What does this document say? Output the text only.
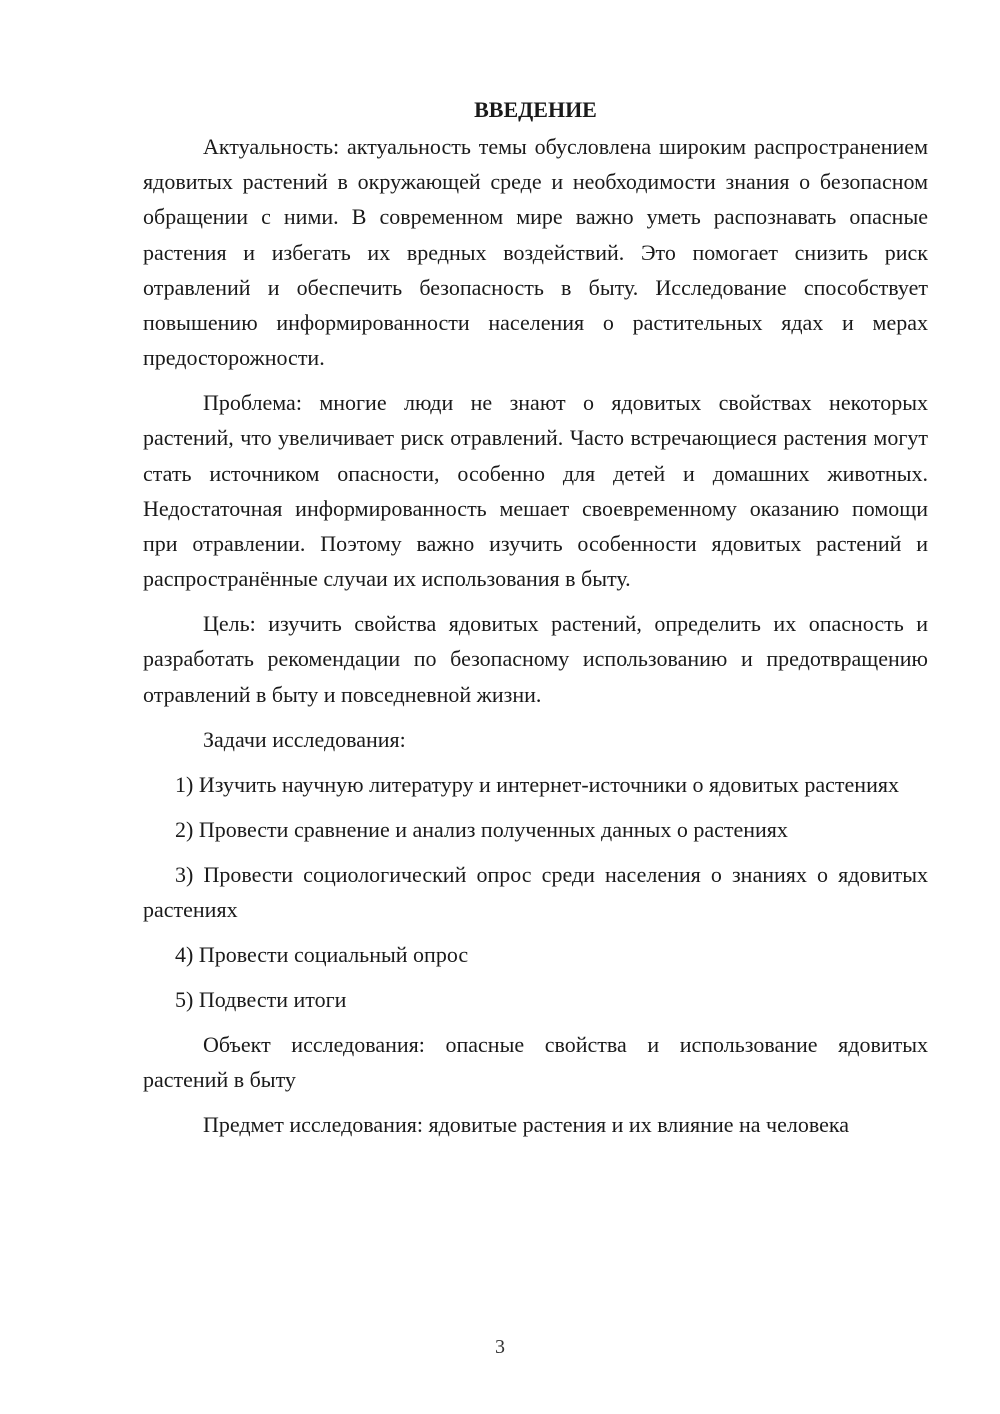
ВВЕДЕНИЕ

Актуальность: актуальность темы обусловлена широким распространением ядовитых растений в окружающей среде и необходимости знания о безопасном обращении с ними. В современном мире важно уметь распознавать опасные растения и избегать их вредных воздействий. Это помогает снизить риск отравлений и обеспечить безопасность в быту. Исследование способствует повышению информированности населения о растительных ядах и мерах предосторожности.

Проблема: многие люди не знают о ядовитых свойствах некоторых растений, что увеличивает риск отравлений. Часто встречающиеся растения могут стать источником опасности, особенно для детей и домашних животных. Недостаточная информированность мешает своевременному оказанию помощи при отравлении. Поэтому важно изучить особенности ядовитых растений и распространённые случаи их использования в быту.

Цель: изучить свойства ядовитых растений, определить их опасность и разработать рекомендации по безопасному использованию и предотвращению отравлений в быту и повседневной жизни.

Задачи исследования:

1) Изучить научную литературу и интернет-источники о ядовитых растениях

2) Провести сравнение и анализ полученных данных о растениях

3) Провести социологический опрос среди населения о знаниях о ядовитых растениях

4) Провести социальный опрос

5) Подвести итоги

Объект исследования: опасные свойства и использование ядовитых растений в быту

Предмет исследования: ядовитые растения и их влияние на человека

3
